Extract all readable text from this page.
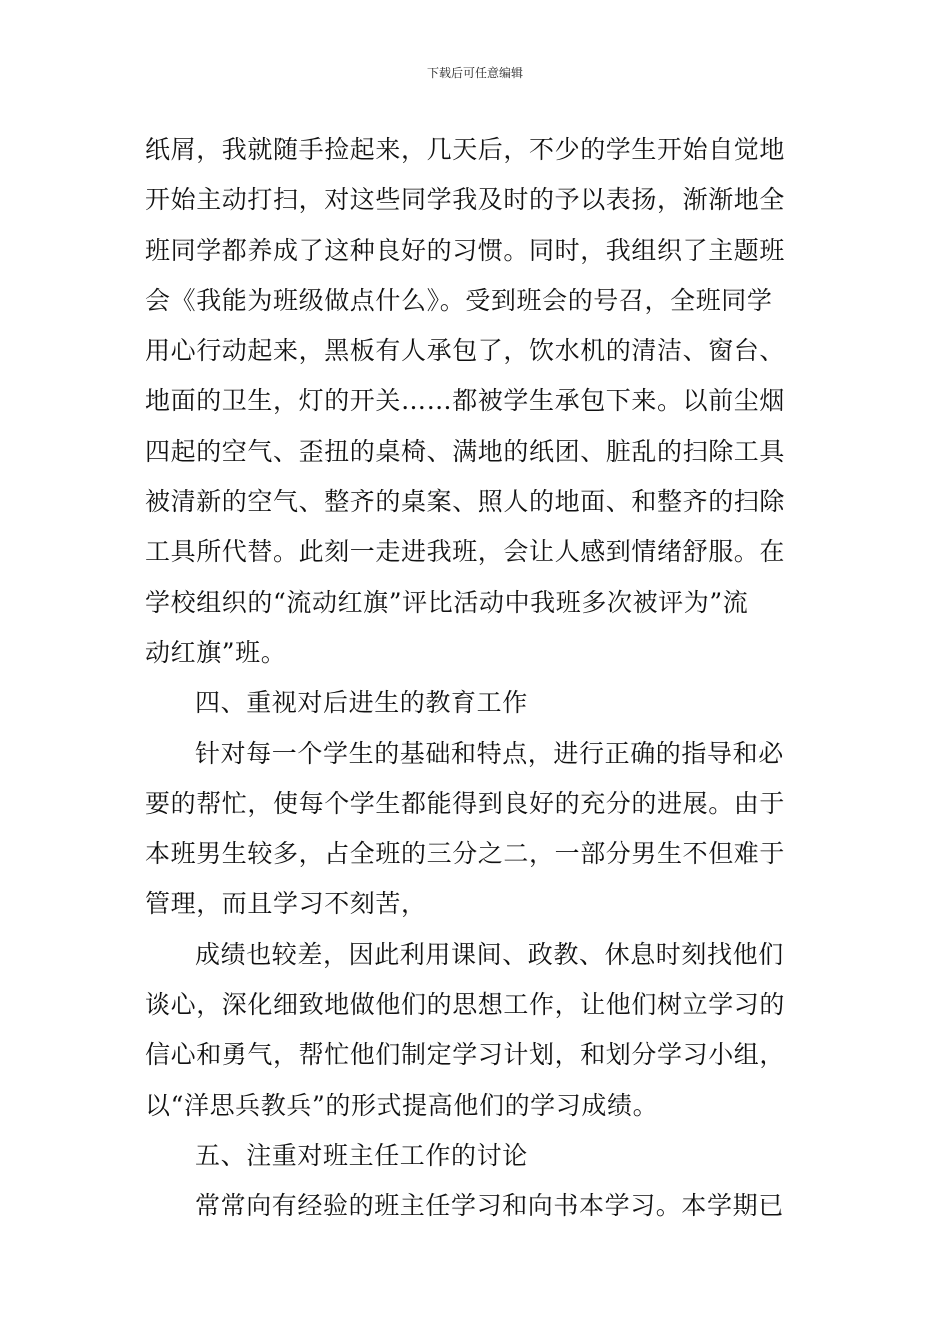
下载后可任意编辑
纸屑，我就随手捡起来，几天后，不少的学生开始自觉地
开始主动打扫，对这些同学我及时的予以表扬，渐渐地全
班同学都养成了这种良好的习惯。同时，我组织了主题班
会《我能为班级做点什么》。受到班会的号召，全班同学
用心行动起来，黑板有人承包了，饮水机的清洁、窗台、
地面的卫生，灯的开关……都被学生承包下来。以前尘烟
四起的空气、歪扭的桌椅、满地的纸团、脏乱的扫除工具
被清新的空气、整齐的桌案、照人的地面、和整齐的扫除
工具所代替。此刻一走进我班，会让人感到情绪舒服。在
学校组织的“流动红旗”评比活动中我班多次被评为”流
动红旗”班。
四、重视对后进生的教育工作
针对每一个学生的基础和特点，进行正确的指导和必
要的帮忙，使每个学生都能得到良好的充分的进展。由于
本班男生较多，占全班的三分之二，一部分男生不但难于
管理，而且学习不刻苦，
成绩也较差，因此利用课间、政教、休息时刻找他们
谈心，深化细致地做他们的思想工作，让他们树立学习的
信心和勇气，帮忙他们制定学习计划，和划分学习小组，
以“洋思兵教兵”的形式提高他们的学习成绩。
五、注重对班主任工作的讨论
常常向有经验的班主任学习和向书本学习。本学期已
